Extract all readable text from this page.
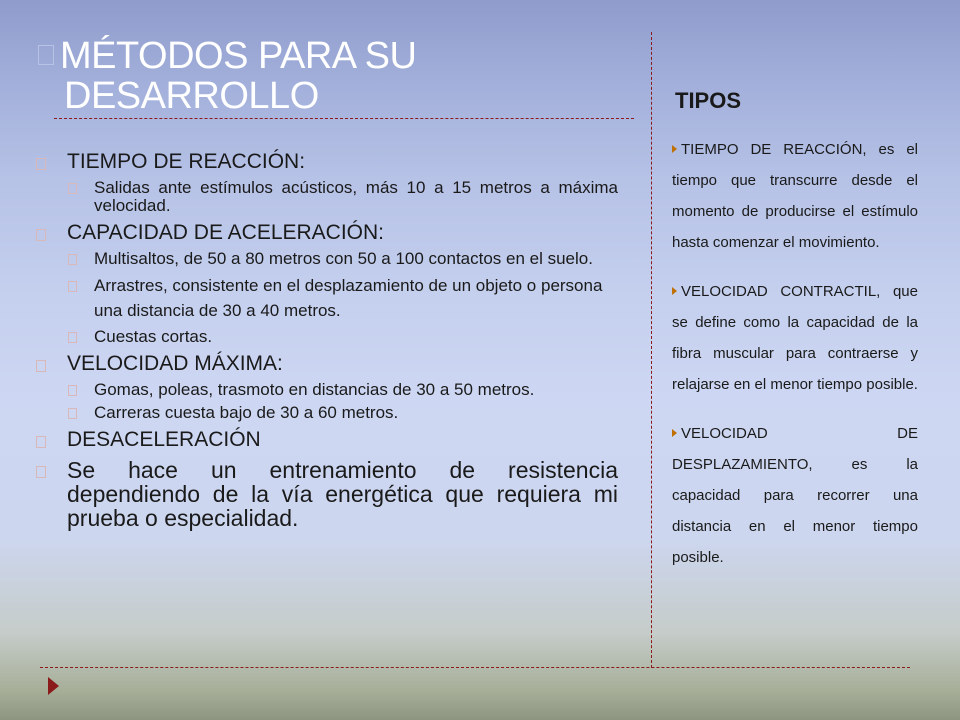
MÉTODOS PARA SU
DESARROLLO	TIPOS
TIEMPO DE REACCIÓN:
Salidas ante estímulos acústicos, más 10 a 15 metros a máxima velocidad.
CAPACIDAD DE ACELERACIÓN:
Multisaltos, de 50 a 80 metros con 50 a 100 contactos en el suelo.
Arrastres, consistente en el desplazamiento de un objeto o persona una distancia de 30 a 40 metros.
Cuestas cortas.
VELOCIDAD MÁXIMA:
Gomas, poleas, trasmoto en distancias de 30 a 50 metros.
Carreras cuesta bajo de 30 a 60 metros.
DESACELERACIÓN
Se hace un entrenamiento de resistencia dependiendo de la vía energética que requiera mi prueba o especialidad.
TIEMPO DE REACCIÓN, es el tiempo que transcurre desde el momento de producirse el estímulo hasta comenzar el movimiento.
VELOCIDAD CONTRACTIL, que se define como la capacidad de la fibra muscular para contraerse y relajarse en el menor tiempo posible.
VELOCIDAD DE DESPLAZAMIENTO, es la capacidad para recorrer una distancia en el menor tiempo posible.
